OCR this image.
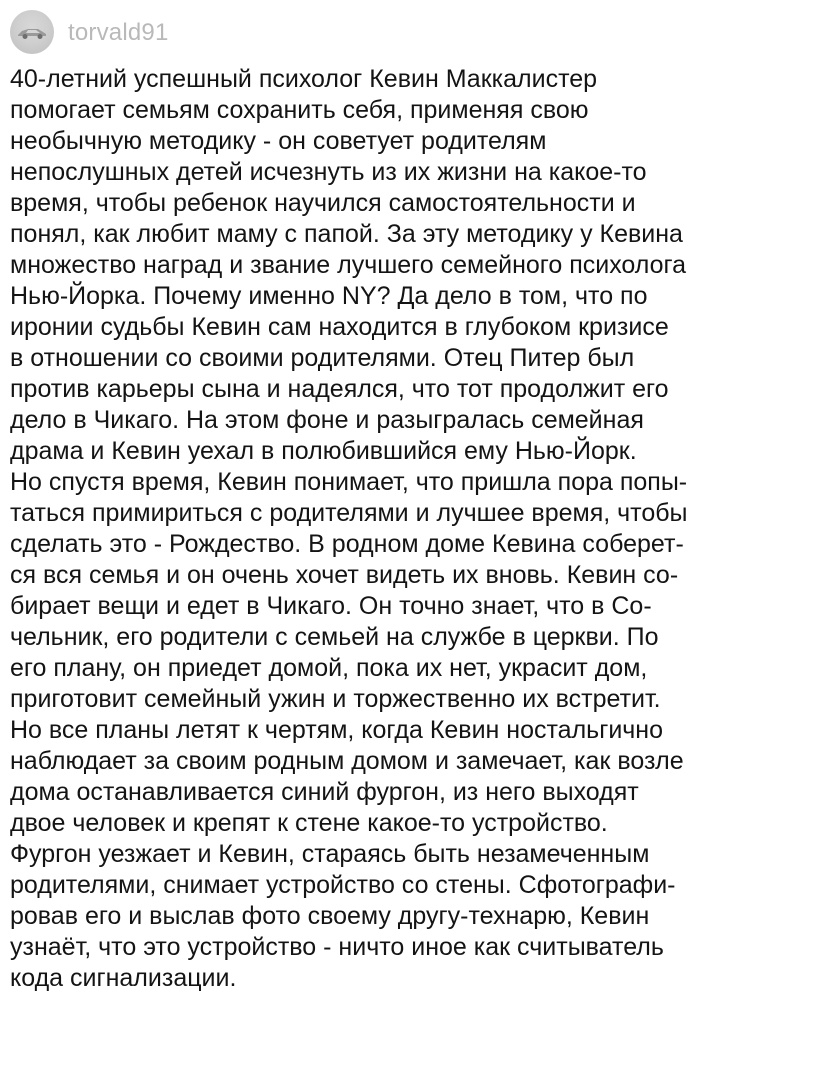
torvald91
40-летний успешный психолог Кевин Маккалистер
помогает семьям сохранить себя, применяя свою
необычную методику - он советует родителям
непослушных детей исчезнуть из их жизни на какое-то
время, чтобы ребенок научился самостоятельности и
понял, как любит маму с папой. За эту методику у Кевина
множество наград и звание лучшего семейного психолога
Нью-Йорка. Почему именно NY? Да дело в том, что по
иронии судьбы Кевин сам находится в глубоком кризисе
в отношении со своими родителями. Отец Питер был
против карьеры сына и надеялся, что тот продолжит его
дело в Чикаго. На этом фоне и разыгралась семейная
драма и Кевин уехал в полюбившийся ему Нью-Йорк.
Но спустя время, Кевин понимает, что пришла пора попы-
таться примириться с родителями и лучшее время, чтобы
сделать это - Рождество. В родном доме Кевина соберет-
ся вся семья и он очень хочет видеть их вновь. Кевин со-
бирает вещи и едет в Чикаго. Он точно знает, что в Со-
чельник, его родители с семьей на службе в церкви. По
его плану, он приедет домой, пока их нет, украсит дом,
приготовит семейный ужин и торжественно их встретит.
Но все планы летят к чертям, когда Кевин ностальгично
наблюдает за своим родным домом и замечает, как возле
дома останавливается синий фургон, из него выходят
двое человек и крепят к стене какое-то устройство.
Фургон уезжает и Кевин, стараясь быть незамеченным
родителями, снимает устройство со стены. Сфотографи-
ровав его и выслав фото своему другу-технарю, Кевин
узнаёт, что это устройство - ничто иное как считыватель
кода сигнализации.
